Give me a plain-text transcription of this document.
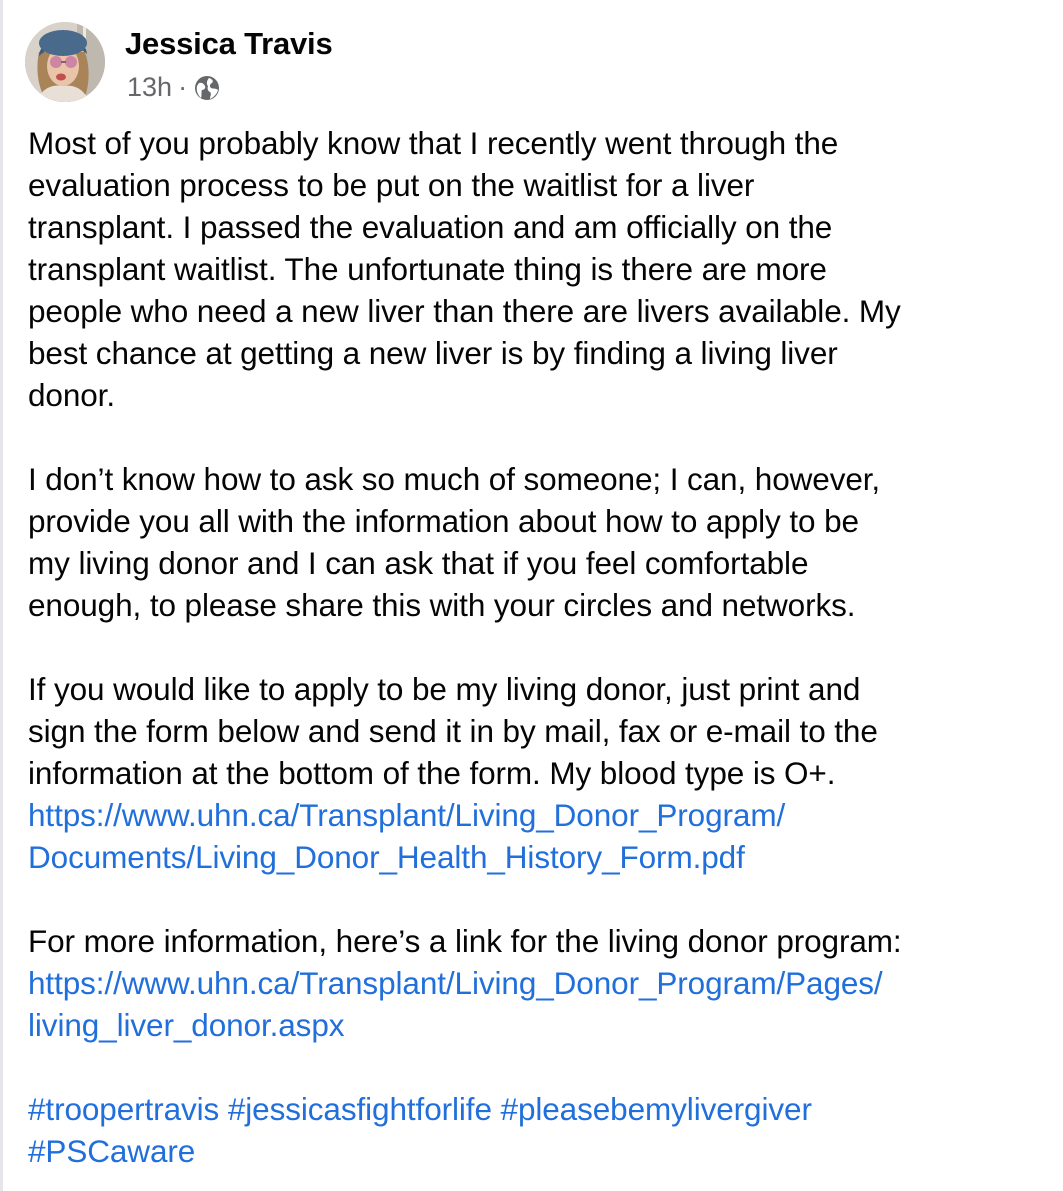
Jessica Travis
13h ·
Most of you probably know that I recently went through the
evaluation process to be put on the waitlist for a liver
transplant. I passed the evaluation and am officially on the
transplant waitlist. The unfortunate thing is there are more
people who need a new liver than there are livers available. My
best chance at getting a new liver is by finding a living liver
donor.
I don’t know how to ask so much of someone; I can, however,
provide you all with the information about how to apply to be
my living donor and I can ask that if you feel comfortable
enough, to please share this with your circles and networks.
If you would like to apply to be my living donor, just print and
sign the form below and send it in by mail, fax or e-mail to the
information at the bottom of the form. My blood type is O+.
https://www.uhn.ca/Transplant/Living_Donor_Program/
Documents/Living_Donor_Health_History_Form.pdf
For more information, here’s a link for the living donor program:
https://www.uhn.ca/Transplant/Living_Donor_Program/Pages/
living_liver_donor.aspx
#troopertravis #jessicasfightforlife #pleasebemylivergiver
#PSCaware
